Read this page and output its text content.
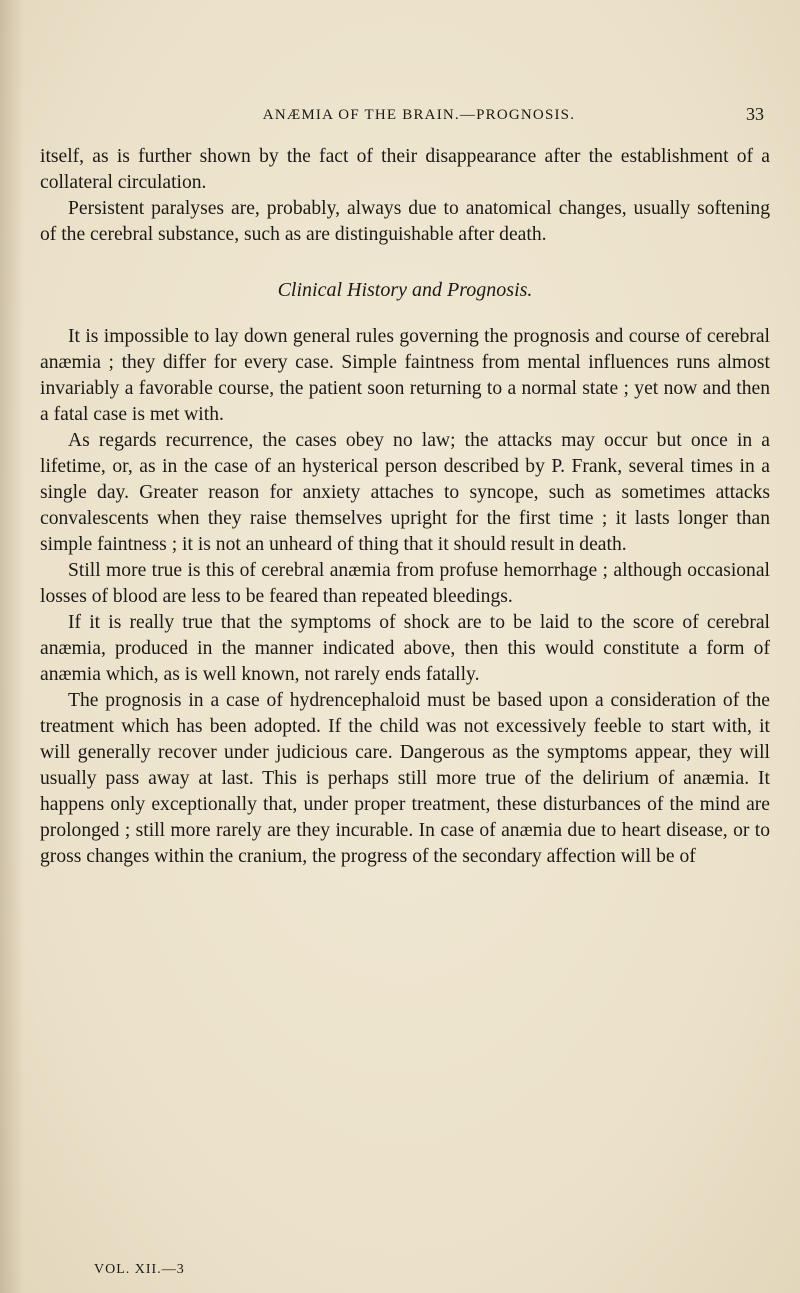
ANÆMIA OF THE BRAIN.—PROGNOSIS.	33

itself, as is further shown by the fact of their disappearance after the establishment of a collateral circulation.

Persistent paralyses are, probably, always due to anatomical changes, usually softening of the cerebral substance, such as are distinguishable after death.

Clinical History and Prognosis.

It is impossible to lay down general rules governing the prognosis and course of cerebral anæmia ; they differ for every case. Simple faintness from mental influences runs almost invariably a favorable course, the patient soon returning to a normal state ; yet now and then a fatal case is met with.

As regards recurrence, the cases obey no law; the attacks may occur but once in a lifetime, or, as in the case of an hysterical person described by P. Frank, several times in a single day. Greater reason for anxiety attaches to syncope, such as sometimes attacks convalescents when they raise themselves upright for the first time ; it lasts longer than simple faintness ; it is not an unheard of thing that it should result in death.

Still more true is this of cerebral anæmia from profuse hemorrhage ; although occasional losses of blood are less to be feared than repeated bleedings.

If it is really true that the symptoms of shock are to be laid to the score of cerebral anæmia, produced in the manner indicated above, then this would constitute a form of anæmia which, as is well known, not rarely ends fatally.

The prognosis in a case of hydrencephaloid must be based upon a consideration of the treatment which has been adopted. If the child was not excessively feeble to start with, it will generally recover under judicious care. Dangerous as the symptoms appear, they will usually pass away at last. This is perhaps still more true of the delirium of anæmia. It happens only exceptionally that, under proper treatment, these disturbances of the mind are prolonged ; still more rarely are they incurable. In case of anæmia due to heart disease, or to gross changes within the cranium, the progress of the secondary affection will be of

VOL. XII.—3
